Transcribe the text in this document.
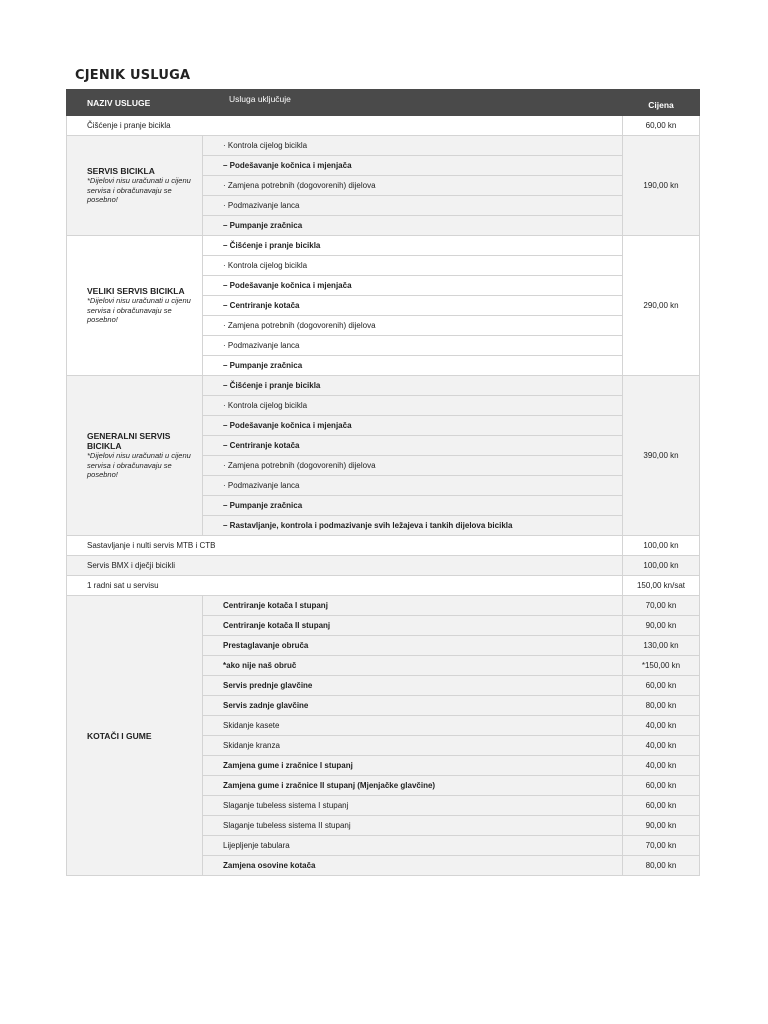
CJENIK USLUGA
NAZIV USLUGE	Usluga uključuje	Cijena
Čišćenje i pranje bicikla		60,00 kn

SERVIS BICIKLA
*Dijelovi nisu uračunati u cijenu servisa i obračunavaju se posebno!	· Kontrola cijelog bicikla	190,00 kn
	– Podešavanje kočnica i mjenjača	
	· Zamjena potrebnih (dogovorenih) dijelova	
	· Podmazivanje lanca	
	– Pumpanje zračnica	

VELIKI SERVIS BICIKLA
*Dijelovi nisu uračunati u cijenu servisa i obračunavaju se posebno!	– Čišćenje i pranje bicikla	290,00 kn
	· Kontrola cijelog bicikla	
	– Podešavanje kočnica i mjenjača	
	– Centriranje kotača	
	· Zamjena potrebnih (dogovorenih) dijelova	
	· Podmazivanje lanca	
	– Pumpanje zračnica	

GENERALNI SERVIS BICIKLA
*Dijelovi nisu uračunati u cijenu servisa i obračunavaju se posebno!	– Čišćenje i pranje bicikla	390,00 kn
	· Kontrola cijelog bicikla	
	– Podešavanje kočnica i mjenjača	
	– Centriranje kotača	
	· Zamjena potrebnih (dogovorenih) dijelova	
	· Podmazivanje lanca	
	– Pumpanje zračnica	
	– Rastavljanje, kontrola i podmazivanje svih ležajeva i tankih dijelova bicikla	
Sastavljanje i nulti servis MTB i CTB		100,00 kn
Servis BMX i dječji bicikli		100,00 kn
1 radni sat u servisu		150,00 kn/sat
KOTAČI I GUME	Centriranje kotača I stupanj	70,00 kn
	Centriranje kotača II stupanj	90,00 kn
	Prestaglavanje obruča	130,00 kn
	*ako nije naš obruč	*150,00 kn
	Servis prednje glavčine	60,00 kn
	Servis zadnje glavčine	80,00 kn
	Skidanje kasete	40,00 kn
	Skidanje kranza	40,00 kn
	Zamjena gume i zračnice I stupanj	40,00 kn
	Zamjena gume i zračnice II stupanj (Mjenjačke glavčine)	60,00 kn
	Slaganje tubeless sistema I stupanj	60,00 kn
	Slaganje tubeless sistema II stupanj	90,00 kn
	Lijepljenje tabulara	70,00 kn
	Zamjena osovine kotača	80,00 kn
